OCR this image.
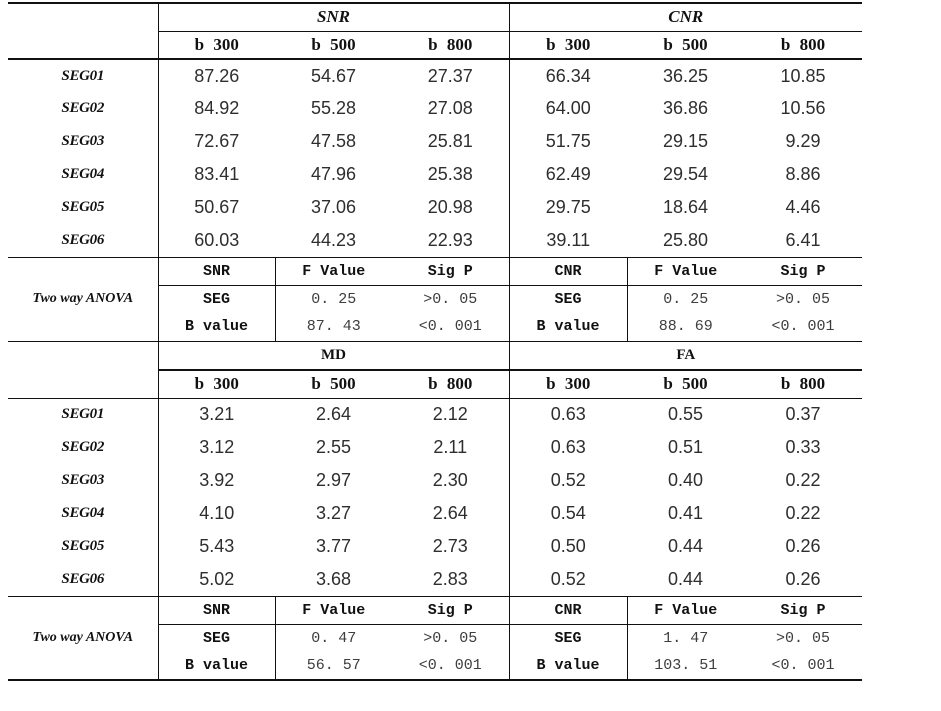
	SNR			CNR		
	b 300	b 500	b 800	b 300	b 500	b 800
SEG01	87.26	54.67	27.37	66.34	36.25	10.85
SEG02	84.92	55.28	27.08	64.00	36.86	10.56
SEG03	72.67	47.58	25.81	51.75	29.15	9.29
SEG04	83.41	47.96	25.38	62.49	29.54	8.86
SEG05	50.67	37.06	20.98	29.75	18.64	4.46
SEG06	60.03	44.23	22.93	39.11	25.80	6.41
Two way ANOVA	SNR	F Value	Sig P	CNR	F Value	Sig P
	SEG	0. 25	>0. 05	SEG	0. 25	>0. 05
	B value	87. 43	<0. 001	B value	88. 69	<0. 001
	MD			FA		
	b 300	b 500	b 800	b 300	b 500	b 800
SEG01	3.21	2.64	2.12	0.63	0.55	0.37
SEG02	3.12	2.55	2.11	0.63	0.51	0.33
SEG03	3.92	2.97	2.30	0.52	0.40	0.22
SEG04	4.10	3.27	2.64	0.54	0.41	0.22
SEG05	5.43	3.77	2.73	0.50	0.44	0.26
SEG06	5.02	3.68	2.83	0.52	0.44	0.26
Two way ANOVA	SNR	F Value	Sig P	CNR	F Value	Sig P
	SEG	0. 47	>0. 05	SEG	1. 47	>0. 05
	B value	56. 57	<0. 001	B value	103. 51	<0. 001
